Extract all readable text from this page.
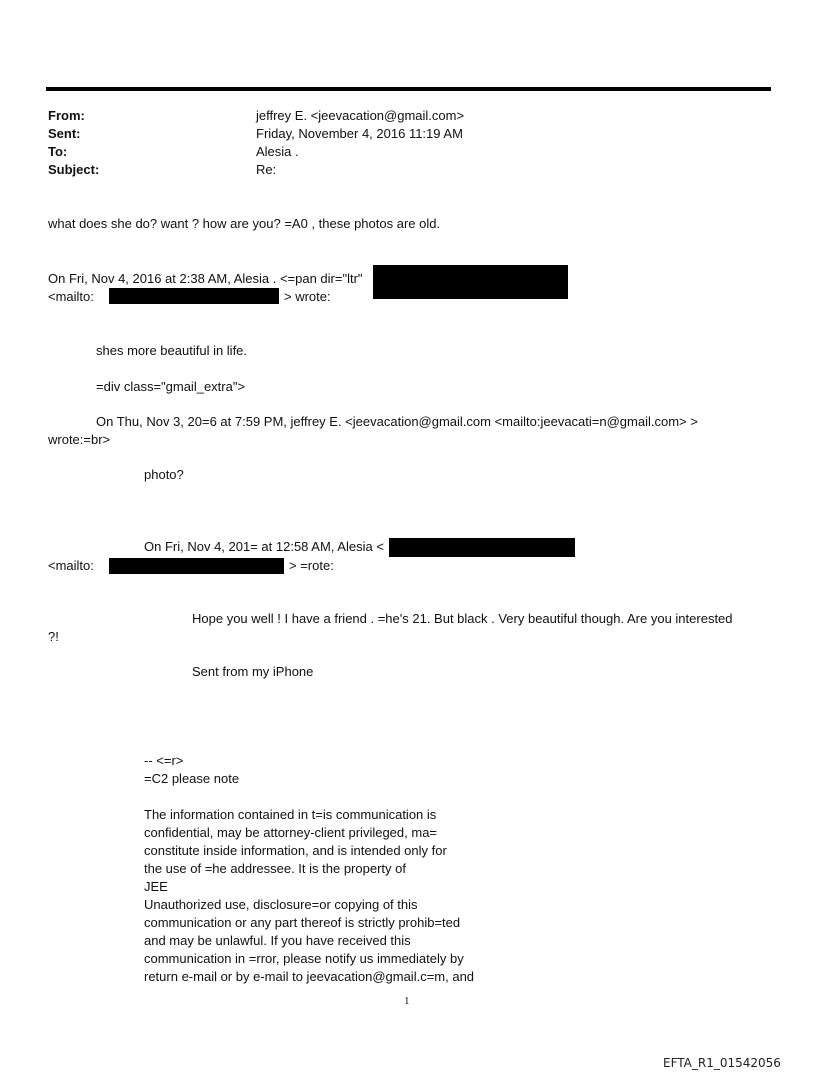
From:	jeffrey E. <jeevacation@gmail.com>
Sent:	Friday, November 4, 2016 11:19 AM
To:	Alesia .
Subject:	Re:
what does she do? want ? how are you? =A0 , these photos are old.
On Fri, Nov 4, 2016 at 2:38 AM, Alesia . <=pan dir="ltr"
<mailto:	> wrote:
shes more beautiful in life.
=div class="gmail_extra">
On Thu, Nov 3, 20=6 at 7:59 PM, jeffrey E. <jeevacation@gmail.com <mailto:jeevacati=n@gmail.com> >
wrote:=br>
photo?
On Fri, Nov 4, 201= at 12:58 AM, Alesia <
<mailto:	> =rote:
Hope you well ! I have a friend . =he's 21. But black . Very beautiful though. Are you interested
?!
Sent from my iPhone
-- <=r>
=C2 please note
The information contained in t=is communication is
confidential, may be attorney-client privileged, ma=
constitute inside information, and is intended only for
the use of =he addressee. It is the property of
JEE
Unauthorized use, disclosure=or copying of this
communication or any part thereof is strictly prohib=ted
and may be unlawful. If you have received this
communication in =rror, please notify us immediately by
return e-mail or by e-mail to jeevacation@gmail.c=m, and
1
EFTA_R1_01542056
